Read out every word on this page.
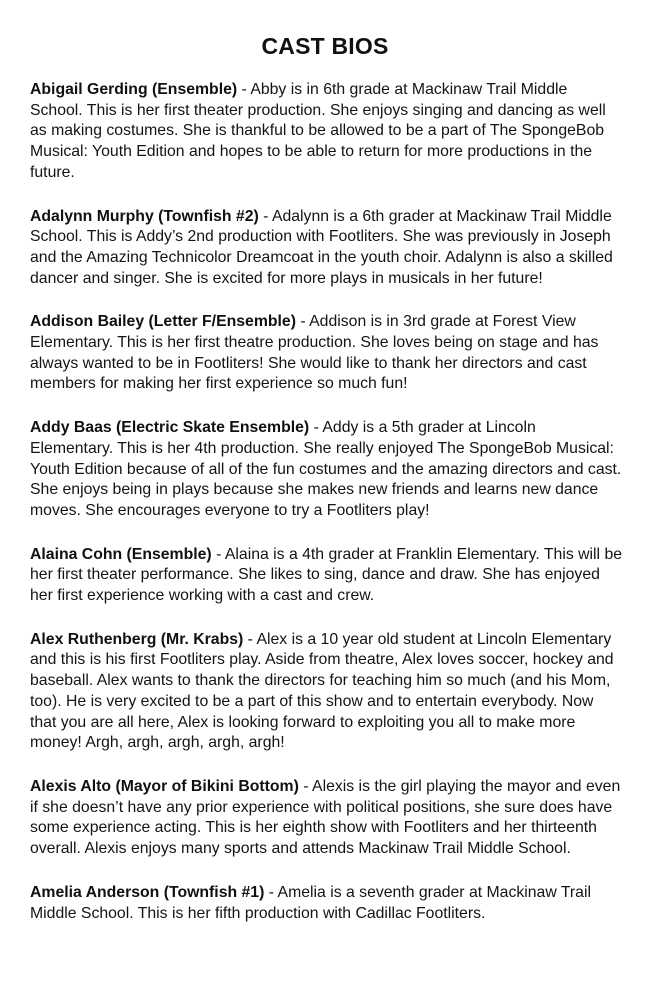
CAST BIOS

Abigail Gerding (Ensemble) - Abby is in 6th grade at Mackinaw Trail Middle School. This is her first theater production. She enjoys singing and dancing as well as making costumes. She is thankful to be allowed to be a part of The SpongeBob Musical: Youth Edition and hopes to be able to return for more productions in the future.

Adalynn Murphy (Townfish #2) - Adalynn is a 6th grader at Mackinaw Trail Middle School. This is Addy’s 2nd production with Footliters. She was previously in Joseph and the Amazing Technicolor Dreamcoat in the youth choir. Adalynn is also a skilled dancer and singer. She is excited for more plays in musicals in her future!

Addison Bailey (Letter F/Ensemble) - Addison is in 3rd grade at Forest View Elementary. This is her first theatre production. She loves being on stage and has always wanted to be in Footliters! She would like to thank her directors and cast members for making her first experience so much fun!

Addy Baas (Electric Skate Ensemble) - Addy is a 5th grader at Lincoln Elementary. This is her 4th production. She really enjoyed The SpongeBob Musical: Youth Edition because of all of the fun costumes and the amazing directors and cast. She enjoys being in plays because she makes new friends and learns new dance moves. She encourages everyone to try a Footliters play!

Alaina Cohn (Ensemble) - Alaina is a 4th grader at Franklin Elementary. This will be her first theater performance. She likes to sing, dance and draw. She has enjoyed her first experience working with a cast and crew.

Alex Ruthenberg (Mr. Krabs) - Alex is a 10 year old student at Lincoln Elementary and this is his first Footliters play. Aside from theatre, Alex loves soccer, hockey and baseball. Alex wants to thank the directors for teaching him so much (and his Mom, too). He is very excited to be a part of this show and to entertain everybody. Now that you are all here, Alex is looking forward to exploiting you all to make more money! Argh, argh, argh, argh, argh!

Alexis Alto (Mayor of Bikini Bottom) - Alexis is the girl playing the mayor and even if she doesn’t have any prior experience with political positions, she sure does have some experience acting. This is her eighth show with Footliters and her thirteenth overall. Alexis enjoys many sports and attends Mackinaw Trail Middle School.

Amelia Anderson (Townfish #1) - Amelia is a seventh grader at Mackinaw Trail Middle School. This is her fifth production with Cadillac Footliters.
